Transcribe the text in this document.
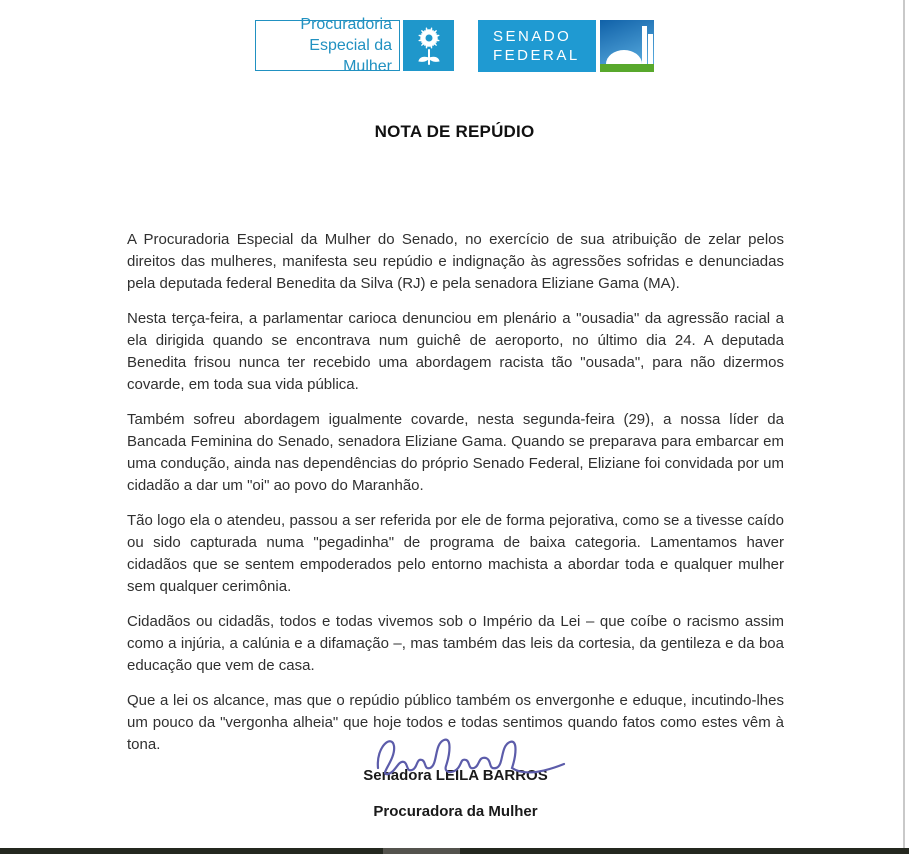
Procuradoria
Especial da Mulher
SENADO
FEDERAL
NOTA DE REPÚDIO

A Procuradoria Especial da Mulher do Senado, no exercício de sua atribuição de zelar pelos direitos das mulheres, manifesta seu repúdio e indignação às agressões sofridas e denunciadas pela deputada federal Benedita da Silva (RJ) e pela senadora Eliziane Gama (MA).

Nesta terça-feira, a parlamentar carioca denunciou em plenário a "ousadia" da agressão racial a ela dirigida quando se encontrava num guichê de aeroporto, no último dia 24. A deputada Benedita frisou nunca ter recebido uma abordagem racista tão "ousada", para não dizermos covarde, em toda sua vida pública.

Também sofreu abordagem igualmente covarde, nesta segunda-feira (29), a nossa líder da Bancada Feminina do Senado, senadora Eliziane Gama. Quando se preparava para embarcar em uma condução, ainda nas dependências do próprio Senado Federal, Eliziane foi convidada por um cidadão a dar um "oi" ao povo do Maranhão.

Tão logo ela o atendeu, passou a ser referida por ele de forma pejorativa, como se a tivesse caído ou sido capturada numa "pegadinha" de programa de baixa categoria. Lamentamos haver cidadãos que se sentem empoderados pelo entorno machista a abordar toda e qualquer mulher sem qualquer cerimônia.

Cidadãos ou cidadãs, todos e todas vivemos sob o Império da Lei – que coíbe o racismo assim como a injúria, a calúnia e a difamação –, mas também das leis da cortesia, da gentileza e da boa educação que vem de casa.

Que a lei os alcance, mas que o repúdio público também os envergonhe e eduque, incutindo-lhes um pouco da "vergonha alheia" que hoje todos e todas sentimos quando fatos como estes vêm à tona.

Senadora LEILA BARROS
Procuradora da Mulher
